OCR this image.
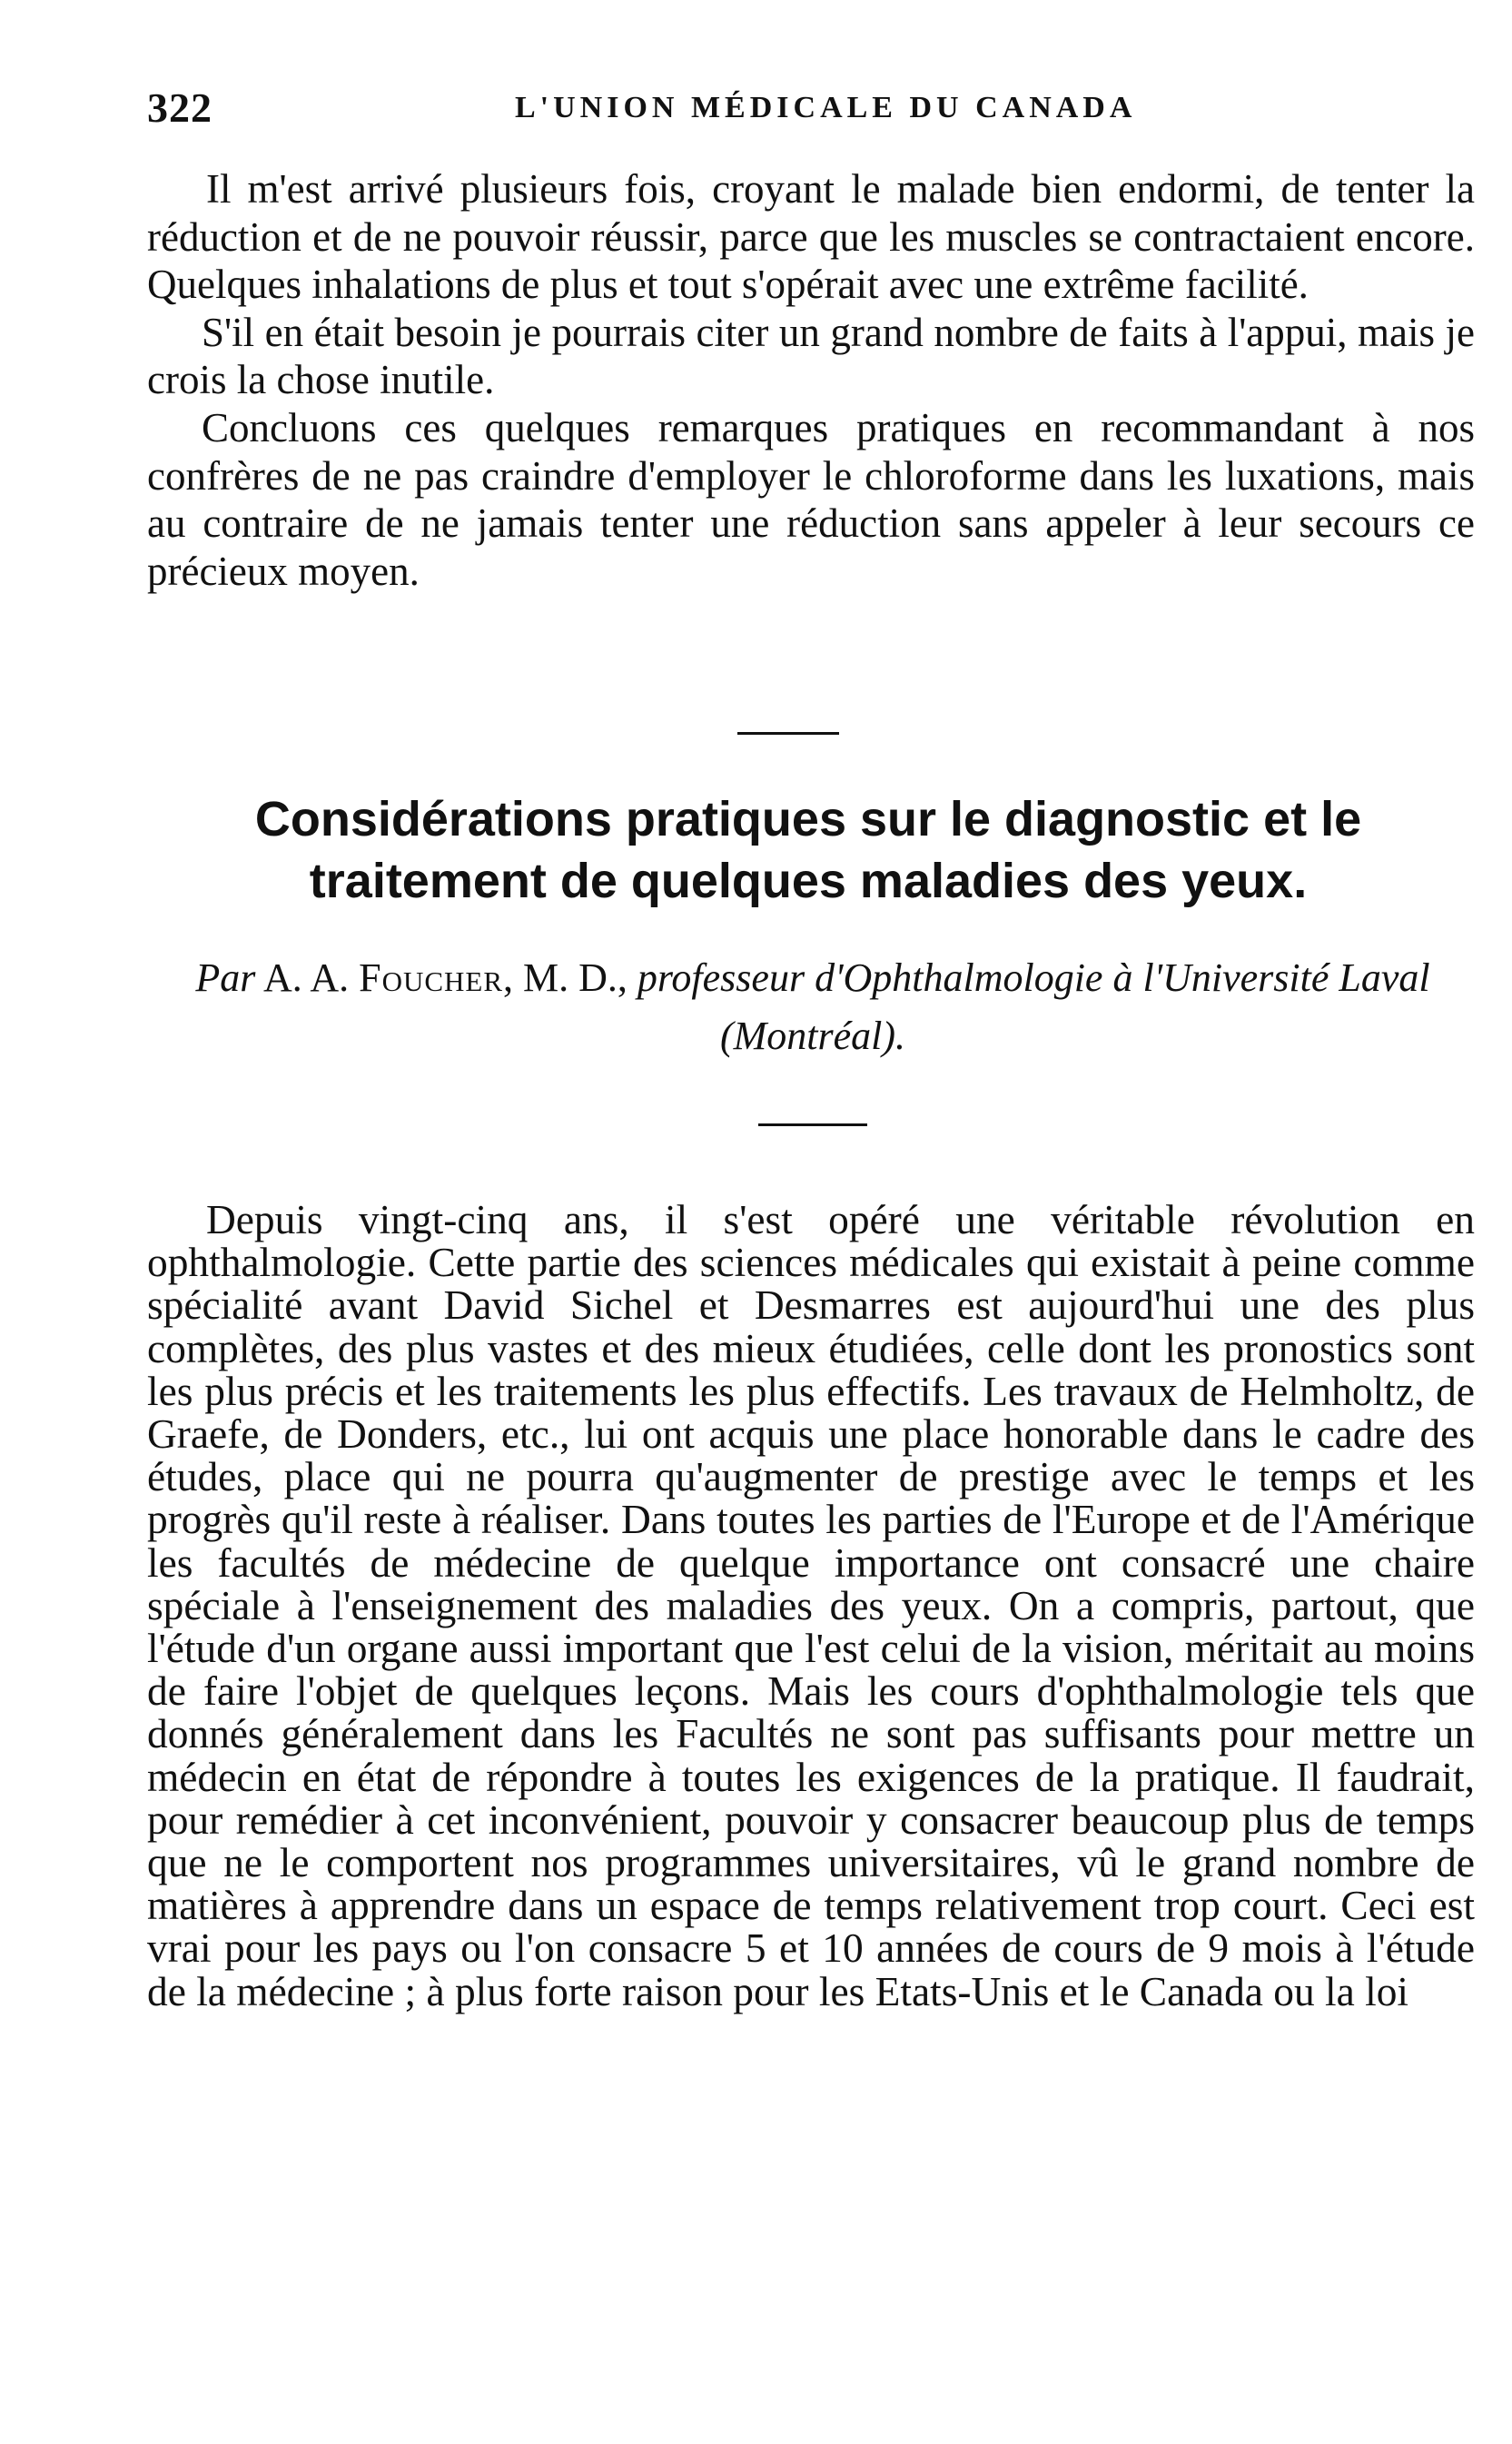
322	L'UNION MÉDICALE DU CANADA

Il m'est arrivé plusieurs fois, croyant le malade bien endormi, de tenter la réduction et de ne pouvoir réussir, parce que les muscles se contractaient encore. Quelques inhalations de plus et tout s'opérait avec une extrême facilité.

S'il en était besoin je pourrais citer un grand nombre de faits à l'appui, mais je crois la chose inutile.

Concluons ces quelques remarques pratiques en recommandant à nos confrères de ne pas craindre d'employer le chloroforme dans les luxations, mais au contraire de ne jamais tenter une réduction sans appeler à leur secours ce précieux moyen.

Considérations pratiques sur le diagnostic et le traitement de quelques maladies des yeux.

Par A. A. Foucher, M. D., professeur d'Ophthalmologie à l'Université Laval (Montréal).

Depuis vingt-cinq ans, il s'est opéré une véritable révolution en ophthalmologie. Cette partie des sciences médicales qui existait à peine comme spécialité avant David Sichel et Desmarres est aujourd'hui une des plus complètes, des plus vastes et des mieux étudiées, celle dont les pronostics sont les plus précis et les traitements les plus effectifs. Les travaux de Helmholtz, de Graefe, de Donders, etc., lui ont acquis une place honorable dans le cadre des études, place qui ne pourra qu'augmenter de prestige avec le temps et les progrès qu'il reste à réaliser. Dans toutes les parties de l'Europe et de l'Amérique les facultés de médecine de quelque importance ont consacré une chaire spéciale à l'enseignement des maladies des yeux. On a compris, partout, que l'étude d'un organe aussi important que l'est celui de la vision, méritait au moins de faire l'objet de quelques leçons. Mais les cours d'ophthalmologie tels que donnés généralement dans les Facultés ne sont pas suffisants pour mettre un médecin en état de répondre à toutes les exigences de la pratique. Il faudrait, pour remédier à cet inconvénient, pouvoir y consacrer beaucoup plus de temps que ne le comportent nos programmes universitaires, vû le grand nombre de matières à apprendre dans un espace de temps relativement trop court. Ceci est vrai pour les pays ou l'on consacre 5 et 10 années de cours de 9 mois à l'étude de la médecine ; à plus forte raison pour les Etats-Unis et le Canada ou la loi
